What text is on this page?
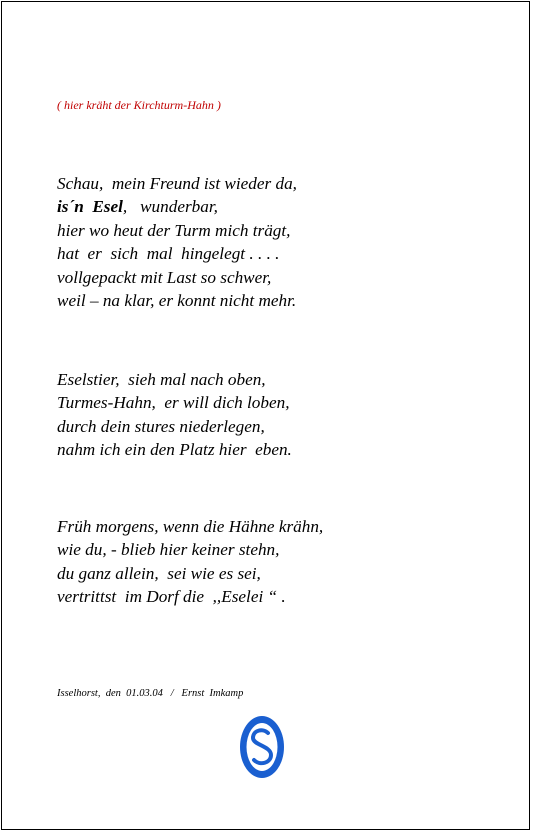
( hier kräht der Kirchturm-Hahn )
Schau,  mein Freund ist wieder da,
is´n  Esel,   wunderbar,
hier wo heut der Turm mich trägt,
hat  er  sich  mal  hingelegt . . . .
vollgepackt mit Last so schwer,
weil – na klar, er konnt nicht mehr.
Eselstier,  sieh mal nach oben,
Turmes-Hahn,  er will dich loben,
durch dein stures niederlegen,
nahm ich ein den Platz hier  eben.
Früh morgens, wenn die Hähne krähn,
wie du, - blieb hier keiner stehn,
du ganz allein,  sei wie es sei,
vertrittst  im Dorf die  ,,Eselei “ .
Isselhorst,  den  01.03.04   /   Ernst  Imkamp
